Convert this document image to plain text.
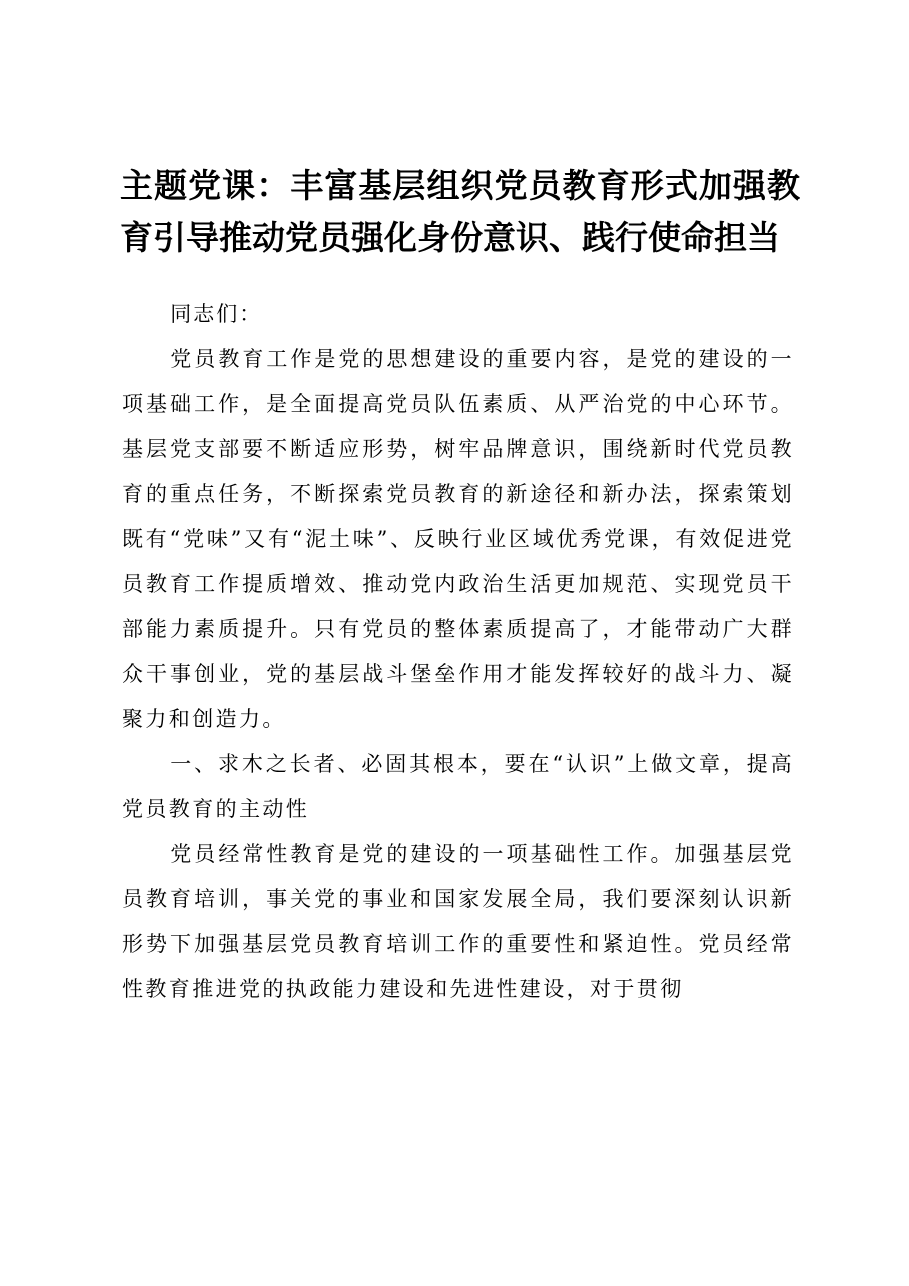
主题党课：丰富基层组织党员教育形式加强教育引导推动党员强化身份意识、践行使命担当

同志们：

党员教育工作是党的思想建设的重要内容，是党的建设的一项基础工作，是全面提高党员队伍素质、从严治党的中心环节。基层党支部要不断适应形势，树牢品牌意识，围绕新时代党员教育的重点任务，不断探索党员教育的新途径和新办法，探索策划既有“党味”又有“泥土味”、反映行业区域优秀党课，有效促进党员教育工作提质增效、推动党内政治生活更加规范、实现党员干部能力素质提升。只有党员的整体素质提高了，才能带动广大群众干事创业，党的基层战斗堡垒作用才能发挥较好的战斗力、凝聚力和创造力。

一、求木之长者、必固其根本，要在“认识”上做文章，提高党员教育的主动性

党员经常性教育是党的建设的一项基础性工作。加强基层党员教育培训，事关党的事业和国家发展全局，我们要深刻认识新形势下加强基层党员教育培训工作的重要性和紧迫性。党员经常性教育推进党的执政能力建设和先进性建设，对于贯彻
